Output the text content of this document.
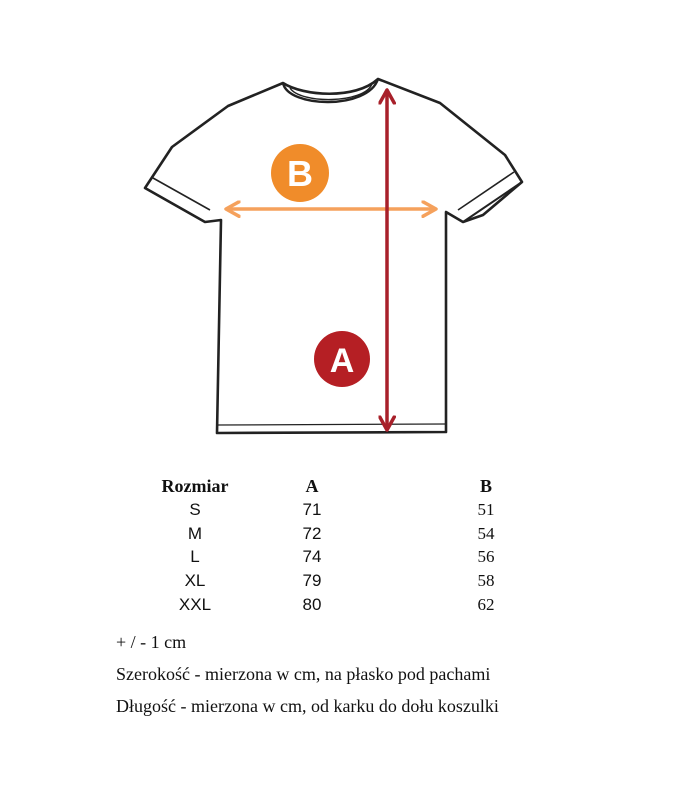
B
A
Rozmiar	A	B
S	71	51
M	72	54
L	74	56
XL	79	58
XXL	80	62
+ / - 1 cm
Szerokość - mierzona w cm, na płasko pod pachami
Długość - mierzona w cm, od karku do dołu koszulki
